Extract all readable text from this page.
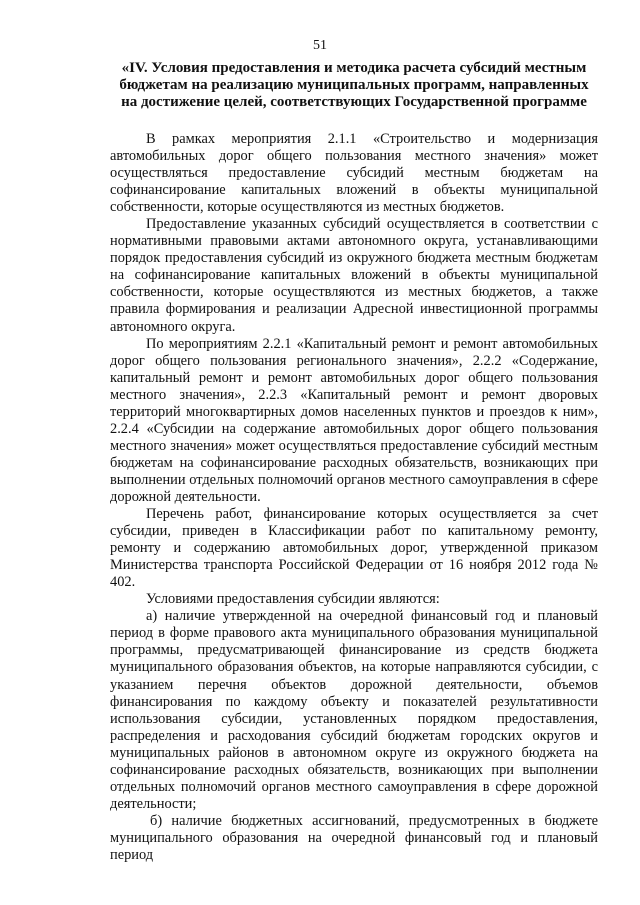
51
«IV. Условия предоставления и методика расчета субсидий местным бюджетам на реализацию муниципальных программ, направленных на достижение целей, соответствующих Государственной программе

В рамках мероприятия 2.1.1 «Строительство и модернизация автомобильных дорог общего пользования местного значения» может осуществляться предоставление субсидий местным бюджетам на софинансирование капитальных вложений в объекты муниципальной собственности, которые осуществляются из местных бюджетов.

Предоставление указанных субсидий осуществляется в соответствии с нормативными правовыми актами автономного округа, устанавливающими порядок предоставления субсидий из окружного бюджета местным бюджетам на софинансирование капитальных вложений в объекты муниципальной собственности, которые осуществляются из местных бюджетов, а также правила формирования и реализации Адресной инвестиционной программы автономного округа.

По мероприятиям 2.2.1 «Капитальный ремонт и ремонт автомобильных дорог общего пользования регионального значения», 2.2.2 «Содержание, капитальный ремонт и ремонт автомобильных дорог общего пользования местного значения», 2.2.3 «Капитальный ремонт и ремонт дворовых территорий многоквартирных домов населенных пунктов и проездов к ним», 2.2.4 «Субсидии на содержание автомобильных дорог общего пользования местного значения» может осуществляться предоставление субсидий местным бюджетам на софинансирование расходных обязательств, возникающих при выполнении отдельных полномочий органов местного самоуправления в сфере дорожной деятельности.

Перечень работ, финансирование которых осуществляется за счет субсидии, приведен в Классификации работ по капитальному ремонту, ремонту и содержанию автомобильных дорог, утвержденной приказом Министерства транспорта Российской Федерации от 16 ноября 2012 года № 402.

Условиями предоставления субсидии являются:

а) наличие утвержденной на очередной финансовый год и плановый период в форме правового акта муниципального образования муниципальной программы, предусматривающей финансирование из средств бюджета муниципального образования объектов, на которые направляются субсидии, с указанием перечня объектов дорожной деятельности, объемов финансирования по каждому объекту и показателей результативности использования субсидии, установленных порядком предоставления, распределения и расходования субсидий бюджетам городских округов и муниципальных районов в автономном округе из окружного бюджета на софинансирование расходных обязательств, возникающих при выполнении отдельных полномочий органов местного самоуправления в сфере дорожной деятельности;

б) наличие бюджетных ассигнований, предусмотренных в бюджете муниципального образования на очередной финансовый год и плановый период
